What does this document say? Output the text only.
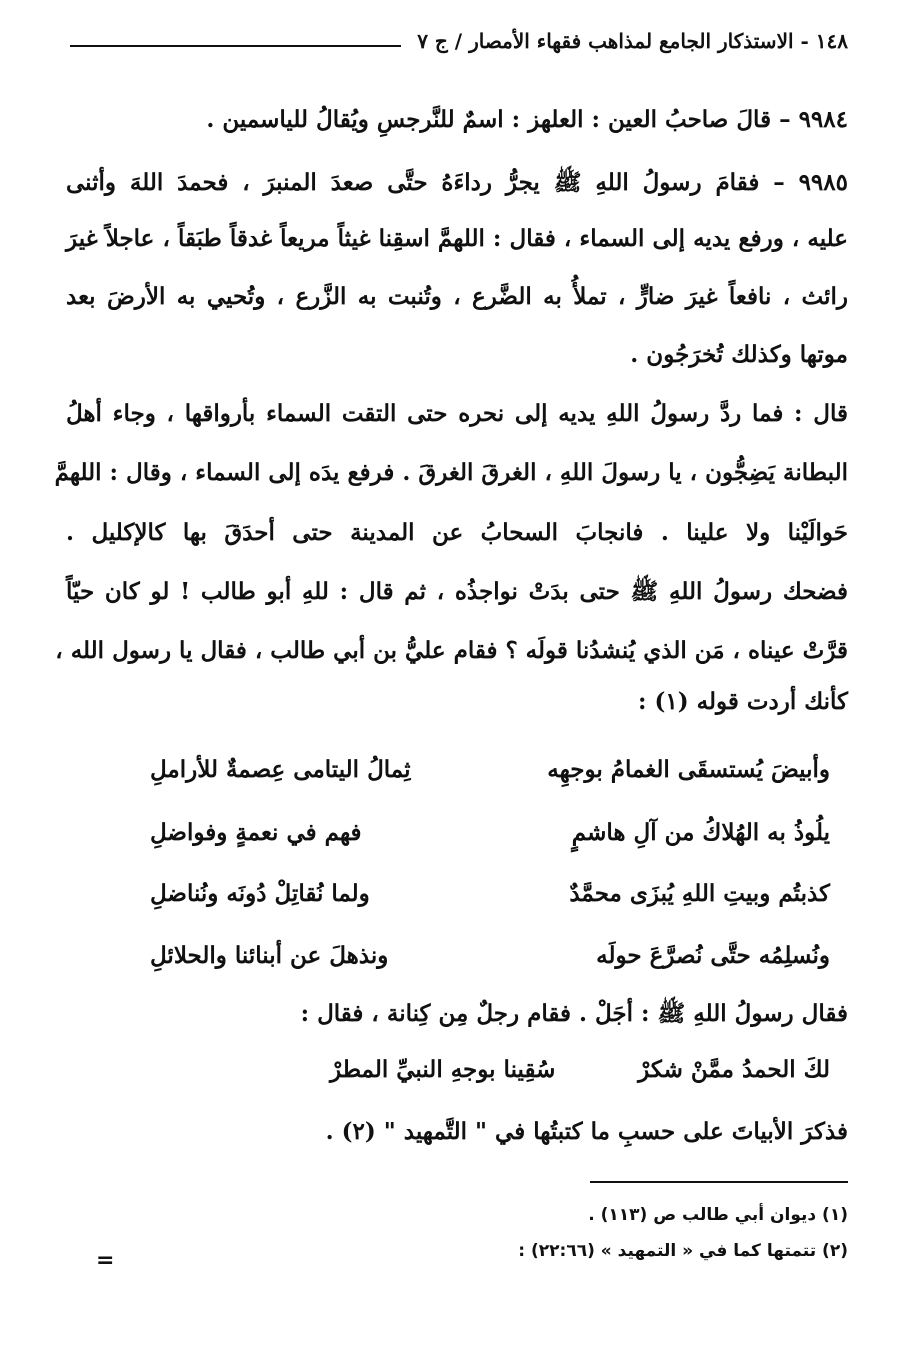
١٤٨ - الاستذكار الجامع لمذاهب فقهاء الأمصار / ج ٧
٩٩٨٤ – قالَ صاحبُ العين : العلهز : اسمٌ للنَّرجسِ ويُقالُ للياسمين .
٩٩٨٥ – فقامَ رسولُ اللهِ ﷺ يجرُّ رداءَهُ حتَّى صعدَ المنبرَ ، فحمدَ اللهَ وأثنى
عليه ، ورفع يديه إلى السماء ، فقال : اللهمَّ اسقِنا غيثاً مريعاً غدقاً طبَقاً ، عاجلاً غيرَ
رائث ، نافعاً غيرَ ضارٍّ ، تملأُ به الضَّرع ، وتُنبت به الزَّرع ، وتُحيي به الأرضَ بعد
موتها وكذلك تُخرَجُون .
قال : فما ردَّ رسولُ اللهِ يديه إلى نحره حتى التقت السماء بأرواقها ، وجاء أهلُ
البطانة يَضِجُّون ، يا رسولَ اللهِ ، الغرقَ الغرقَ . فرفع يدَه إلى السماء ، وقال : اللهمَّ
حَوالَيْنا ولا علينا . فانجابَ السحابُ عن المدينة حتى أحدَقَ بها كالإكليل .
فضحك رسولُ اللهِ ﷺ حتى بدَتْ نواجذُه ، ثم قال : للهِ أبو طالب ! لو كان حيّاً
قرَّتْ عيناه ، مَن الذي يُنشدُنا قولَه ؟ فقام عليُّ بن أبي طالب ، فقال يا رسول الله ،
كأنك أردت قوله (١) :
وأبيضَ يُستسقَى الغمامُ بوجهِه
ثِمالُ اليتامى عِصمةٌ للأراملِ
يلُوذُ به الهُلاكُ من آلِ هاشمٍ
فهم في نعمةٍ وفواضلِ
كذبتُم وبيتِ اللهِ يُبزَى محمَّدٌ
ولما نُقاتِلْ دُونَه ونُناضلِ
ونُسلِمُه حتَّى نُصرَّعَ حولَه
ونذهلَ عن أبنائنا والحلائلِ
فقال رسولُ اللهِ ﷺ : أجَلْ . فقام رجلٌ مِن كِنانة ، فقال :
لكَ الحمدُ ممَّنْ شكرْ
سُقِينا بوجهِ النبيِّ المطرْ
فذكرَ الأبياتَ على حسبِ ما كتبتُها في " التَّمهيد " (٢) .
(١) ديوان أبي طالب ص (١١٣) .
(٢) تتمتها كما في « التمهيد » (٢٢:٦٦) :
=
